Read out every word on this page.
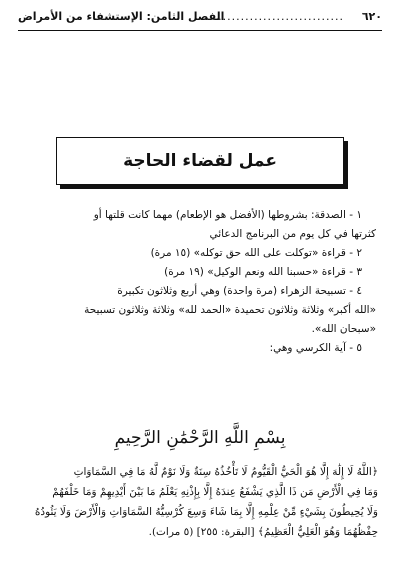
٦٢٠
................................
الفصل الثامن: الإستشفاء من الأمراض
عمل لقضاء الحاجة

١ - الصدقة: بشروطها (الأفضل هو الإطعام) مهما كانت قلتها أو

كثرتها في كل يوم من البرنامج الدعائي

٢ - قراءة «توكلت على الله حق توكله» (١٥ مرة)

٣ - قراءة «حسبنا الله ونعم الوكيل» (١٩ مرة)

٤ - تسبيحة الزهراء (مرة واحدة) وهي أربع وثلاثون تكبيرة

«الله أكبر» وثلاثة وثلاثون تحميدة «الحمد لله» وثلاثة وثلاثون تسبيحة

«سبحان الله».

٥ - آية الكرسي وهي:

بِسْمِ اللَّهِ الرَّحْمَٰنِ الرَّحِيمِ

﴿اللَّهُ لَا إِلَٰهَ إِلَّا هُوَ الْحَيُّ الْقَيُّومُ لَا تَأْخُذُهُ سِنَةٌ وَلَا نَوْمٌ لَّهُ مَا فِي السَّمَاوَاتِ

وَمَا فِي الْأَرْضِ مَن ذَا الَّذِي يَشْفَعُ عِندَهُ إِلَّا بِإِذْنِهِ يَعْلَمُ مَا بَيْنَ أَيْدِيهِمْ وَمَا خَلْفَهُمْ

وَلَا يُحِيطُونَ بِشَيْءٍ مِّنْ عِلْمِهِ إِلَّا بِمَا شَاءَ وَسِعَ كُرْسِيُّهُ السَّمَاوَاتِ وَالْأَرْضَ وَلَا يَئُودُهُ

حِفْظُهُمَا وَهُوَ الْعَلِيُّ الْعَظِيمُ﴾ [البقرة: ٢٥٥] (٥ مرات).
